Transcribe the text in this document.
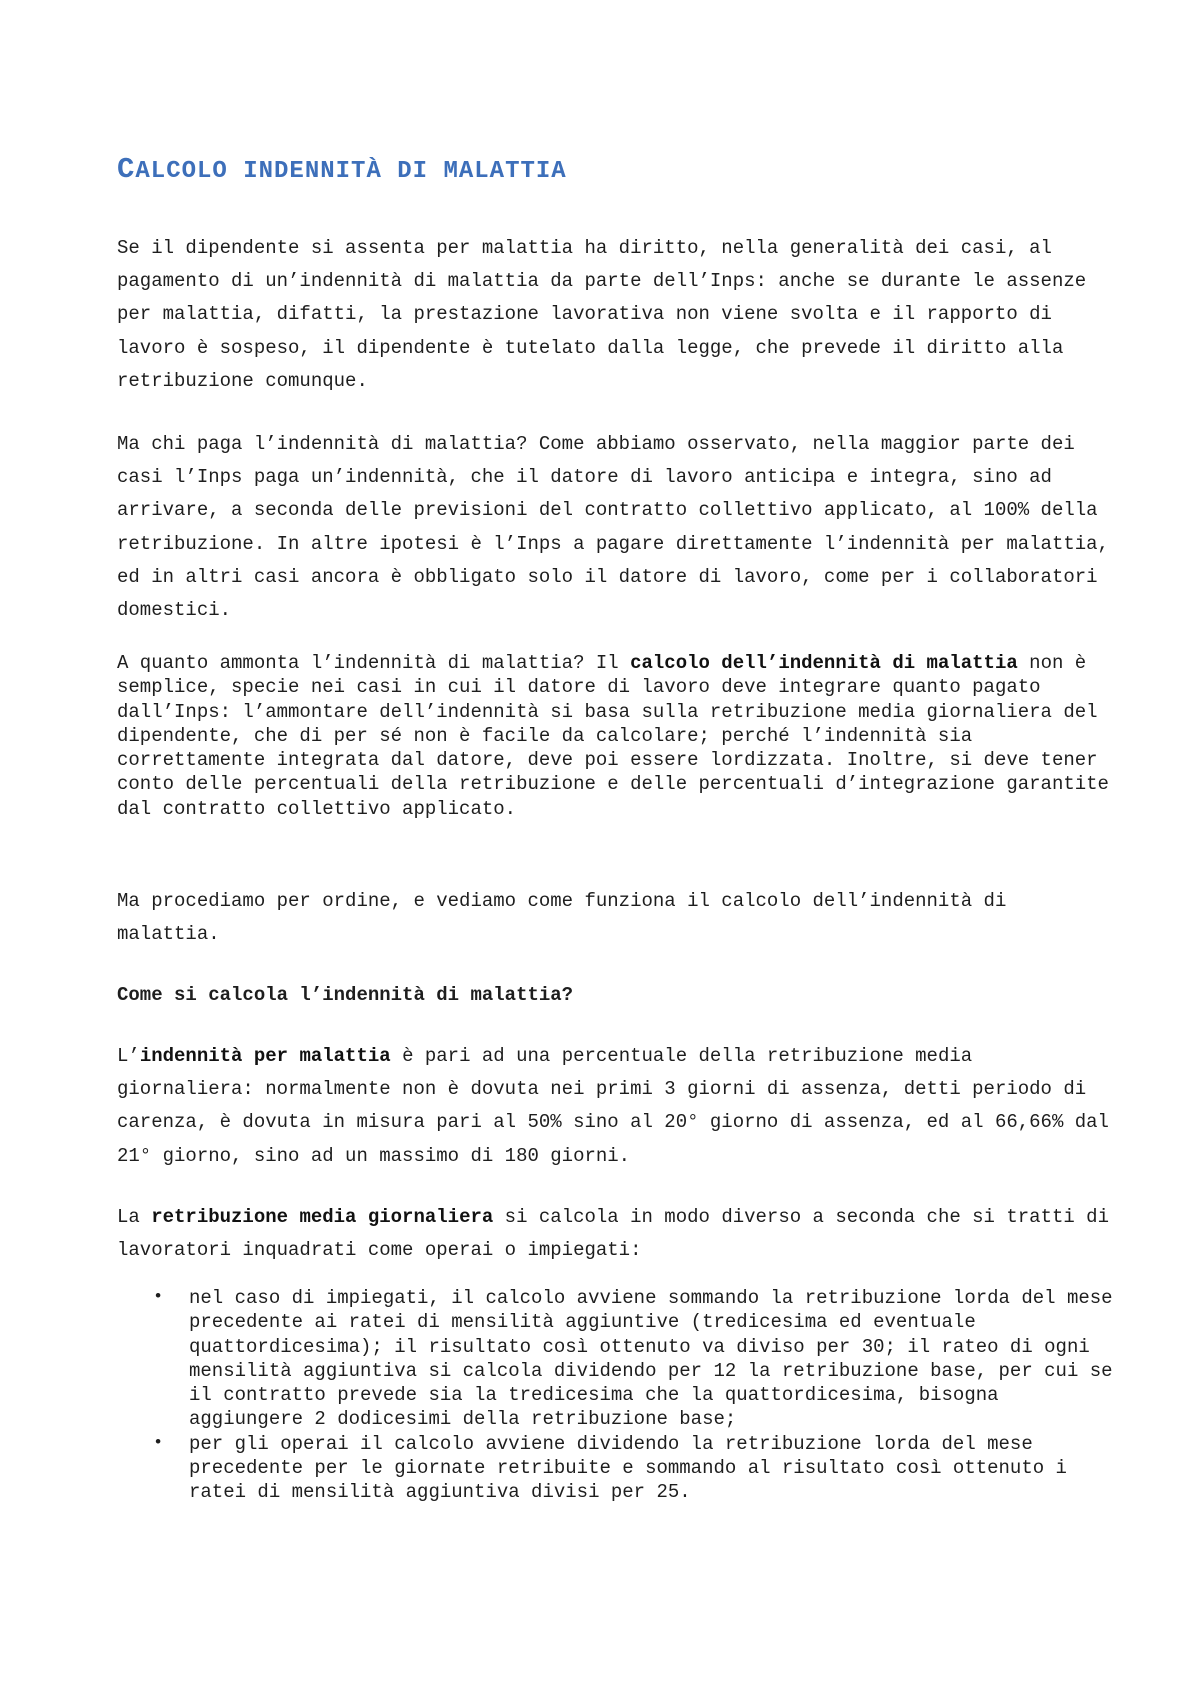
CALCOLO INDENNITÀ DI MALATTIA

Se il dipendente si assenta per malattia ha diritto, nella generalità dei casi, al pagamento di un’indennità di malattia da parte dell’Inps: anche se durante le assenze per malattia, difatti, la prestazione lavorativa non viene svolta e il rapporto di lavoro è sospeso, il dipendente è tutelato dalla legge, che prevede il diritto alla retribuzione comunque.

Ma chi paga l’indennità di malattia? Come abbiamo osservato, nella maggior parte dei casi l’Inps paga un’indennità, che il datore di lavoro anticipa e integra, sino ad arrivare, a seconda delle previsioni del contratto collettivo applicato, al 100% della retribuzione. In altre ipotesi è l’Inps a pagare direttamente l’indennità per malattia, ed in altri casi ancora è obbligato solo il datore di lavoro, come per i collaboratori domestici.

A quanto ammonta l’indennità di malattia? Il calcolo dell’indennità di malattia non è semplice, specie nei casi in cui il datore di lavoro deve integrare quanto pagato dall’Inps: l’ammontare dell’indennità si basa sulla retribuzione media giornaliera del dipendente, che di per sé non è facile da calcolare; perché l’indennità sia correttamente integrata dal datore, deve poi essere lordizzata. Inoltre, si deve tener conto delle percentuali della retribuzione e delle percentuali d’integrazione garantite dal contratto collettivo applicato.

Ma procediamo per ordine, e vediamo come funziona il calcolo dell’indennità di malattia.

Come si calcola l’indennità di malattia?

L’indennità per malattia è pari ad una percentuale della retribuzione media giornaliera: normalmente non è dovuta nei primi 3 giorni di assenza, detti periodo di carenza, è dovuta in misura pari al 50% sino al 20° giorno di assenza, ed al 66,66% dal 21° giorno, sino ad un massimo di 180 giorni.

La retribuzione media giornaliera si calcola in modo diverso a seconda che si tratti di lavoratori inquadrati come operai o impiegati:

• nel caso di impiegati, il calcolo avviene sommando la retribuzione lorda del mese precedente ai ratei di mensilità aggiuntive (tredicesima ed eventuale quattordicesima); il risultato così ottenuto va diviso per 30; il rateo di ogni mensilità aggiuntiva si calcola dividendo per 12 la retribuzione base, per cui se il contratto prevede sia la tredicesima che la quattordicesima, bisogna aggiungere 2 dodicesimi della retribuzione base;
• per gli operai il calcolo avviene dividendo la retribuzione lorda del mese precedente per le giornate retribuite e sommando al risultato così ottenuto i ratei di mensilità aggiuntiva divisi per 25.
